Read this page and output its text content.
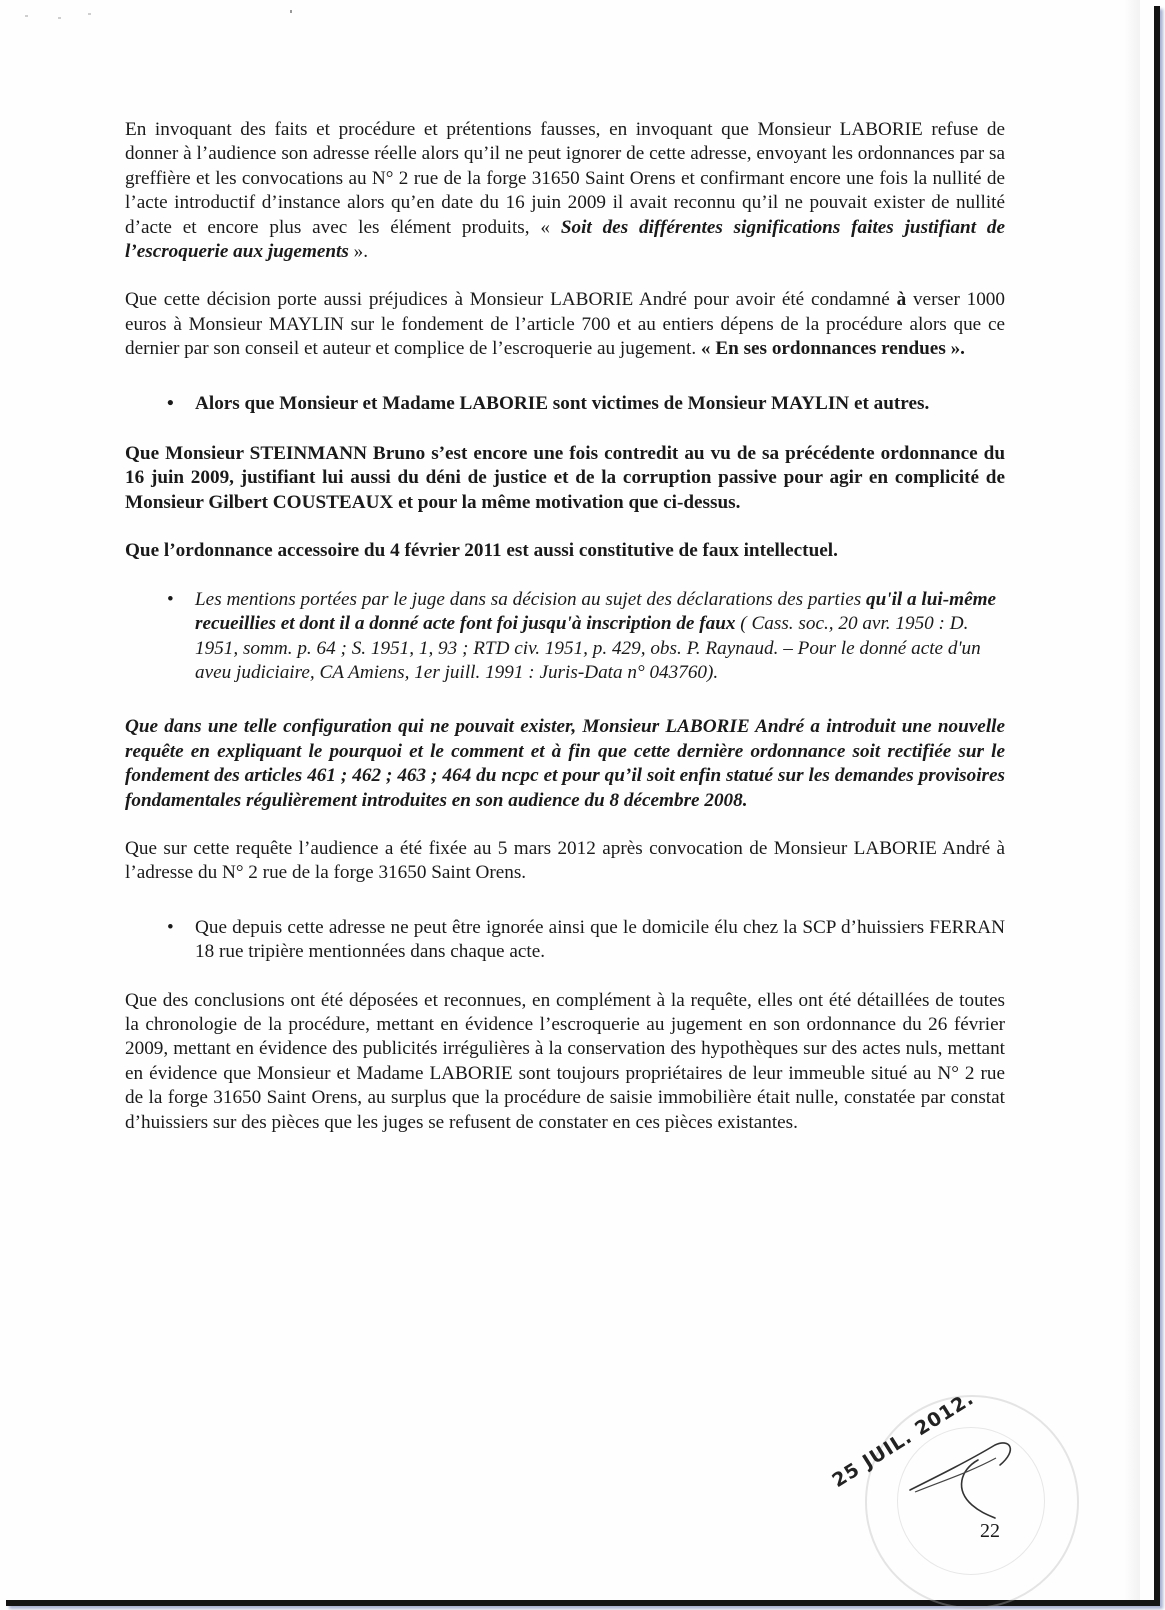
En invoquant des faits et procédure et prétentions fausses, en invoquant que Monsieur LABORIE refuse de donner à l’audience son adresse réelle alors qu’il ne peut ignorer de cette adresse, envoyant les ordonnances par sa greffière et les convocations au N° 2 rue de la forge 31650 Saint Orens et confirmant encore une fois la nullité de l’acte introductif d’instance alors qu’en date du 16 juin 2009 il avait reconnu qu’il ne pouvait exister de nullité d’acte et encore plus avec les élément produits, « Soit des différentes significations faites justifiant de l’escroquerie aux jugements ».

Que cette décision porte aussi préjudices à Monsieur LABORIE André pour avoir été condamné à verser 1000 euros à Monsieur MAYLIN sur le fondement de l’article 700 et au entiers dépens de la procédure alors que ce dernier par son conseil et auteur et complice de l’escroquerie au jugement. « En ses ordonnances rendues ».

• Alors que Monsieur et Madame LABORIE sont victimes de Monsieur MAYLIN et autres.

Que Monsieur STEINMANN Bruno s’est encore une fois contredit au vu de sa précédente ordonnance du 16 juin 2009, justifiant lui aussi du déni de justice et de la corruption passive pour agir en complicité de Monsieur Gilbert COUSTEAUX et pour la même motivation que ci-dessus.

Que l’ordonnance accessoire du 4 février 2011 est aussi constitutive de faux intellectuel.

• Les mentions portées par le juge dans sa décision au sujet des déclarations des parties qu'il a lui-même recueillies et dont il a donné acte font foi jusqu'à inscription de faux ( Cass. soc., 20 avr. 1950 : D. 1951, somm. p. 64 ; S. 1951, 1, 93 ; RTD civ. 1951, p. 429, obs. P. Raynaud. – Pour le donné acte d'un aveu judiciaire, CA Amiens, 1er juill. 1991 : Juris-Data n° 043760).

Que dans une telle configuration qui ne pouvait exister, Monsieur LABORIE André a introduit une nouvelle requête en expliquant le pourquoi et le comment et à fin que cette dernière ordonnance soit rectifiée sur le fondement des articles 461 ; 462 ; 463 ; 464 du ncpc et pour qu’il soit enfin statué sur les demandes provisoires fondamentales régulièrement introduites en son audience du 8 décembre 2008.

Que sur cette requête l’audience a été fixée au 5 mars 2012 après convocation de Monsieur LABORIE André à l’adresse du N° 2 rue de la forge 31650 Saint Orens.

• Que depuis cette adresse ne peut être ignorée ainsi que le domicile élu chez la SCP d’huissiers FERRAN 18 rue tripière mentionnées dans chaque acte.

Que des conclusions ont été déposées et reconnues, en complément à la requête, elles ont été détaillées de toutes la chronologie de la procédure, mettant en évidence l’escroquerie au jugement en son ordonnance du 26 février 2009, mettant en évidence des publicités irrégulières à la conservation des hypothèques sur des actes nuls, mettant en évidence que Monsieur et Madame LABORIE sont toujours propriétaires de leur immeuble situé au N° 2 rue de la forge 31650 Saint Orens, au surplus que la procédure de saisie immobilière était nulle, constatée par constat d’huissiers sur des pièces que les juges se refusent de constater en ces pièces existantes.

25 JUIL. 2012.
22
